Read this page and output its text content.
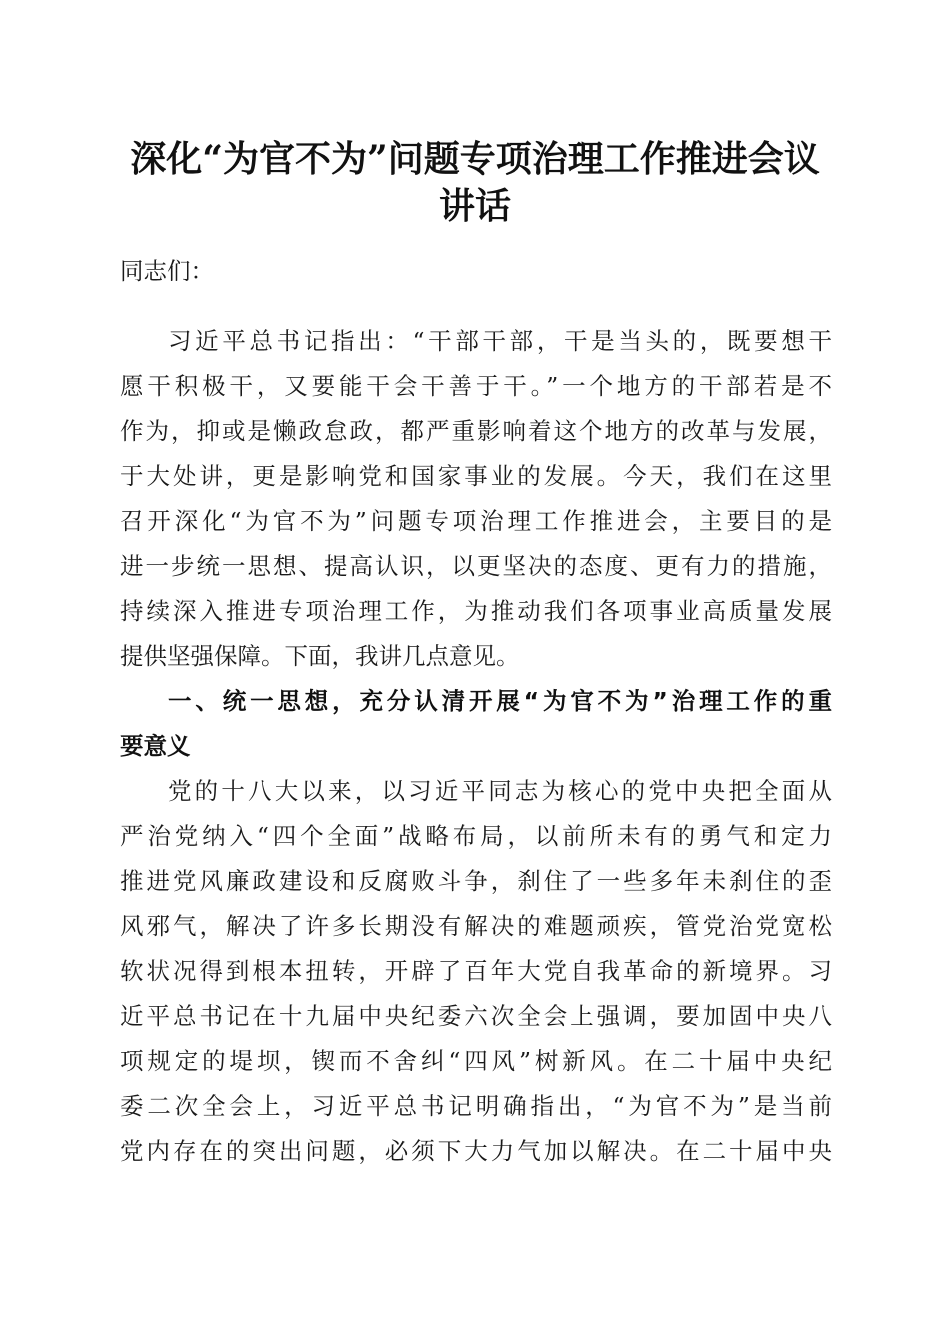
深化“为官不为”问题专项治理工作推进会议
讲话
同志们：
习近平总书记指出：“干部干部，干是当头的，既要想干
愿干积极干，又要能干会干善于干。”一个地方的干部若是不
作为，抑或是懒政怠政，都严重影响着这个地方的改革与发展，
于大处讲，更是影响党和国家事业的发展。今天，我们在这里
召开深化“为官不为”问题专项治理工作推进会，主要目的是
进一步统一思想、提高认识，以更坚决的态度、更有力的措施，
持续深入推进专项治理工作，为推动我们各项事业高质量发展
提供坚强保障。下面，我讲几点意见。
一、统一思想，充分认清开展“为官不为”治理工作的重
要意义
党的十八大以来，以习近平同志为核心的党中央把全面从
严治党纳入“四个全面”战略布局，以前所未有的勇气和定力
推进党风廉政建设和反腐败斗争，刹住了一些多年未刹住的歪
风邪气，解决了许多长期没有解决的难题顽疾，管党治党宽松
软状况得到根本扭转，开辟了百年大党自我革命的新境界。习
近平总书记在十九届中央纪委六次全会上强调，要加固中央八
项规定的堤坝，锲而不舍纠“四风”树新风。在二十届中央纪
委二次全会上，习近平总书记明确指出，“为官不为”是当前
党内存在的突出问题，必须下大力气加以解决。在二十届中央
